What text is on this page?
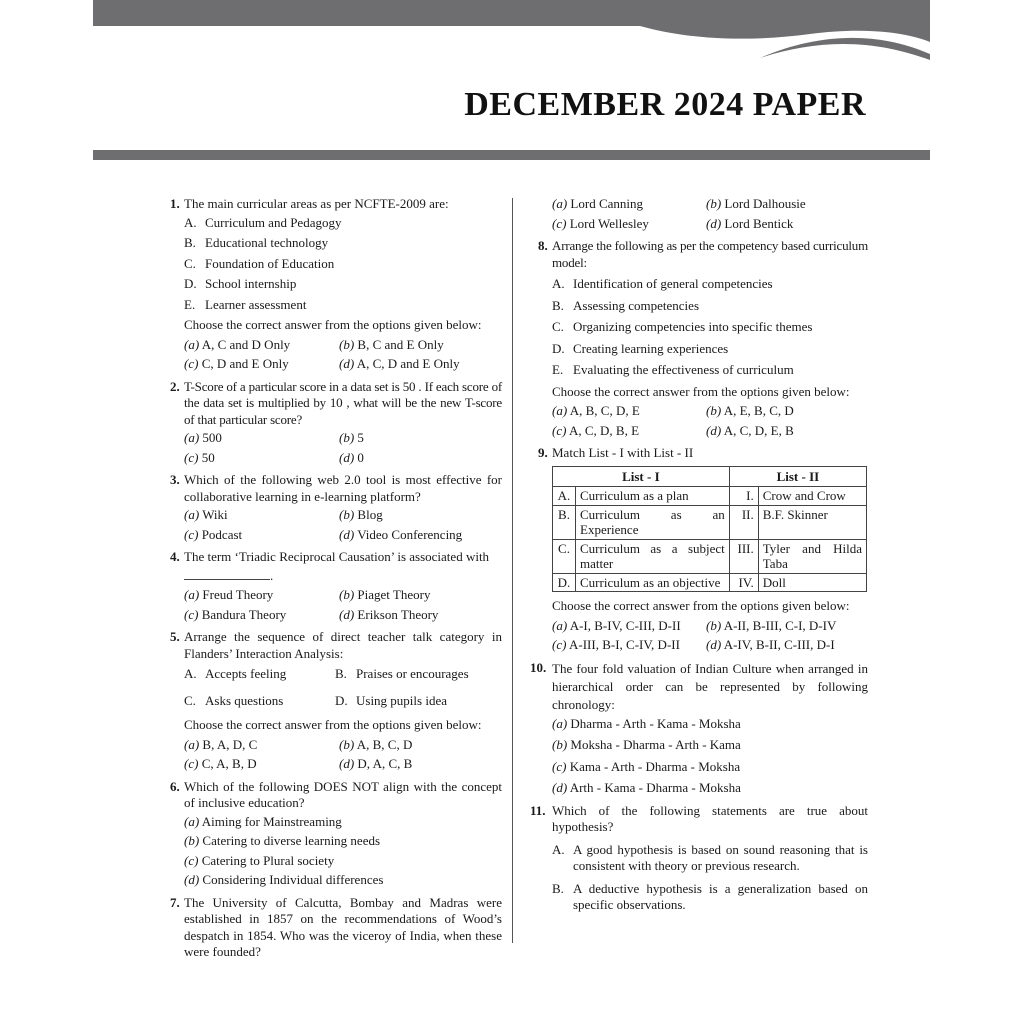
DECEMBER 2024 PAPER
1. The main curricular areas as per NCFTE-2009 are:
A. Curriculum and Pedagogy
B. Educational technology
C. Foundation of Education
D. School internship
E. Learner assessment
Choose the correct answer from the options given below:
(a) A, C and D Only	(b) B, C and E Only
(c) C, D and E Only	(d) A, C, D and E Only
2. T-Score of a particular score in a data set is 50 . If each score of the data set is multiplied by 10 , what will be the new T-score of that particular score?
(a) 500	(b) 5
(c) 50	(d) 0
3. Which of the following web 2.0 tool is most effective for collaborative learning in e-learning platform?
(a) Wiki	(b) Blog
(c) Podcast	(d) Video Conferencing
4. The term ‘Triadic Reciprocal Causation’ is associated with
.
(a) Freud Theory	(b) Piaget Theory
(c) Bandura Theory	(d) Erikson Theory
5. Arrange the sequence of direct teacher talk category in Flanders’ Interaction Analysis:
A. Accepts feeling	B. Praises or encourages
C. Asks questions	D. Using pupils idea
Choose the correct answer from the options given below:
(a) B, A, D, C	(b) A, B, C, D
(c) C, A, B, D	(d) D, A, C, B
6. Which of the following DOES NOT align with the concept of inclusive education?
(a) Aiming for Mainstreaming
(b) Catering to diverse learning needs
(c) Catering to Plural society
(d) Considering Individual differences
7. The University of Calcutta, Bombay and Madras were established in 1857 on the recommendations of Wood’s despatch in 1854. Who was the viceroy of India, when these were founded?
(a) Lord Canning	(b) Lord Dalhousie
(c) Lord Wellesley	(d) Lord Bentick
8. Arrange the following as per the competency based curriculum model:
A. Identification of general competencies
B. Assessing competencies
C. Organizing competencies into specific themes
D. Creating learning experiences
E. Evaluating the effectiveness of curriculum
Choose the correct answer from the options given below:
(a) A, B, C, D, E	(b) A, E, B, C, D
(c) A, C, D, B, E	(d) A, C, D, E, B
9. Match List - I with List - II
List - I		List - II	
A.	Curriculum as a plan	I.	Crow and Crow
B.	Curriculum as an Experience	II.	B.F. Skinner
C.	Curriculum as a subject matter	III.	Tyler and Hilda Taba
D.	Curriculum as an objective	IV.	Doll
Choose the correct answer from the options given below:
(a) A-I, B-IV, C-III, D-II	(b) A-II, B-III, C-I, D-IV
(c) A-III, B-I, C-IV, D-II	(d) A-IV, B-II, C-III, D-I
10. The four fold valuation of Indian Culture when arranged in hierarchical order can be represented by following chronology:
(a) Dharma - Arth - Kama - Moksha
(b) Moksha - Dharma - Arth - Kama
(c) Kama - Arth - Dharma - Moksha
(d) Arth - Kama - Dharma - Moksha
11. Which of the following statements are true about hypothesis?
A. A good hypothesis is based on sound reasoning that is consistent with theory or previous research.
B. A deductive hypothesis is a generalization based on specific observations.
